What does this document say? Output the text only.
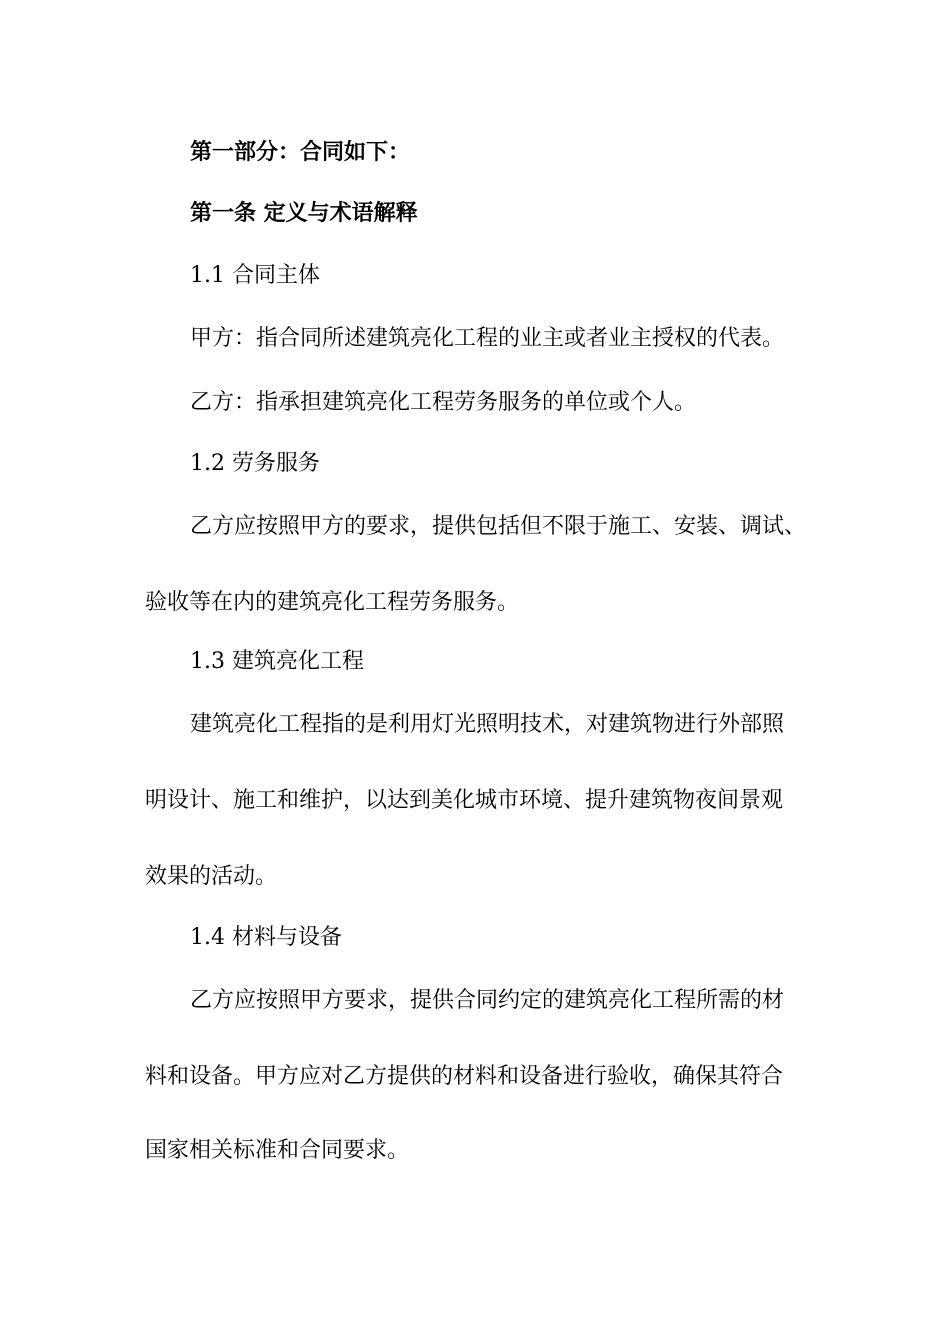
第一部分：合同如下：

第一条 定义与术语解释

1.1 合同主体

甲方：指合同所述建筑亮化工程的业主或者业主授权的代表。

乙方：指承担建筑亮化工程劳务服务的单位或个人。

1.2 劳务服务

乙方应按照甲方的要求，提供包括但不限于施工、安装、调试、

验收等在内的建筑亮化工程劳务服务。

1.3 建筑亮化工程

建筑亮化工程指的是利用灯光照明技术，对建筑物进行外部照

明设计、施工和维护，以达到美化城市环境、提升建筑物夜间景观

效果的活动。

1.4 材料与设备

乙方应按照甲方要求，提供合同约定的建筑亮化工程所需的材

料和设备。甲方应对乙方提供的材料和设备进行验收，确保其符合

国家相关标准和合同要求。
